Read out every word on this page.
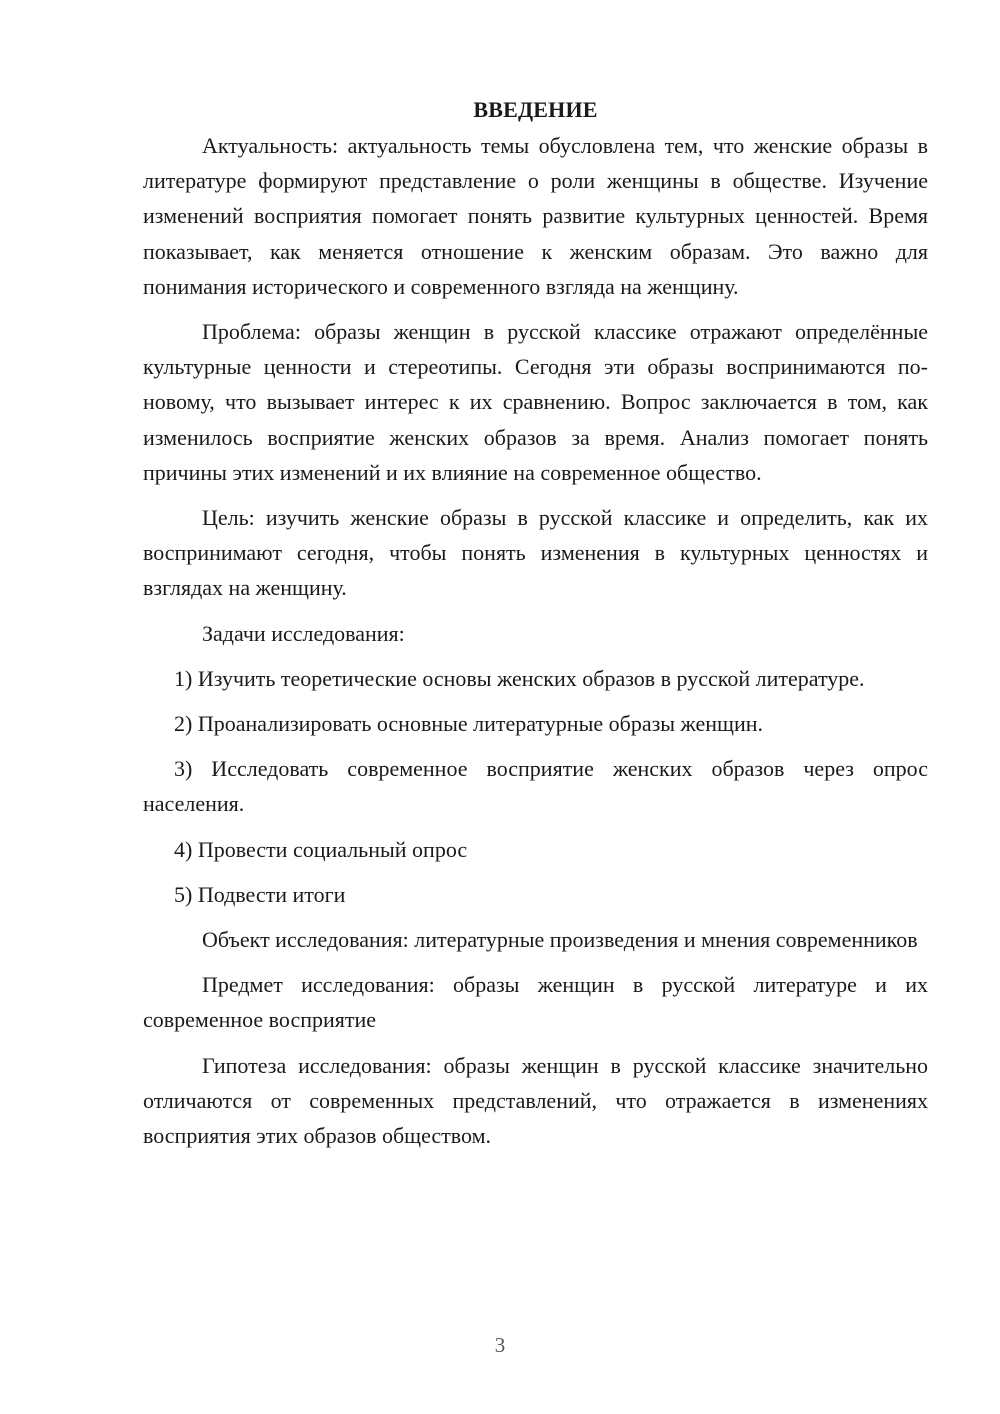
ВВЕДЕНИЕ

Актуальность: актуальность темы обусловлена тем, что женские образы в литературе формируют представление о роли женщины в обществе. Изучение изменений восприятия помогает понять развитие культурных ценностей. Время показывает, как меняется отношение к женским образам. Это важно для понимания исторического и современного взгляда на женщину.

Проблема: образы женщин в русской классике отражают определённые культурные ценности и стереотипы. Сегодня эти образы воспринимаются по-новому, что вызывает интерес к их сравнению. Вопрос заключается в том, как изменилось восприятие женских образов за время. Анализ помогает понять причины этих изменений и их влияние на современное общество.

Цель: изучить женские образы в русской классике и определить, как их воспринимают сегодня, чтобы понять изменения в культурных ценностях и взглядах на женщину.

Задачи исследования:

1) Изучить теоретические основы женских образов в русской литературе.

2) Проанализировать основные литературные образы женщин.

3) Исследовать современное восприятие женских образов через опрос населения.

4) Провести социальный опрос

5) Подвести итоги

Объект исследования: литературные произведения и мнения современников

Предмет исследования: образы женщин в русской литературе и их современное восприятие

Гипотеза исследования: образы женщин в русской классике значительно отличаются от современных представлений, что отражается в изменениях восприятия этих образов обществом.

3
